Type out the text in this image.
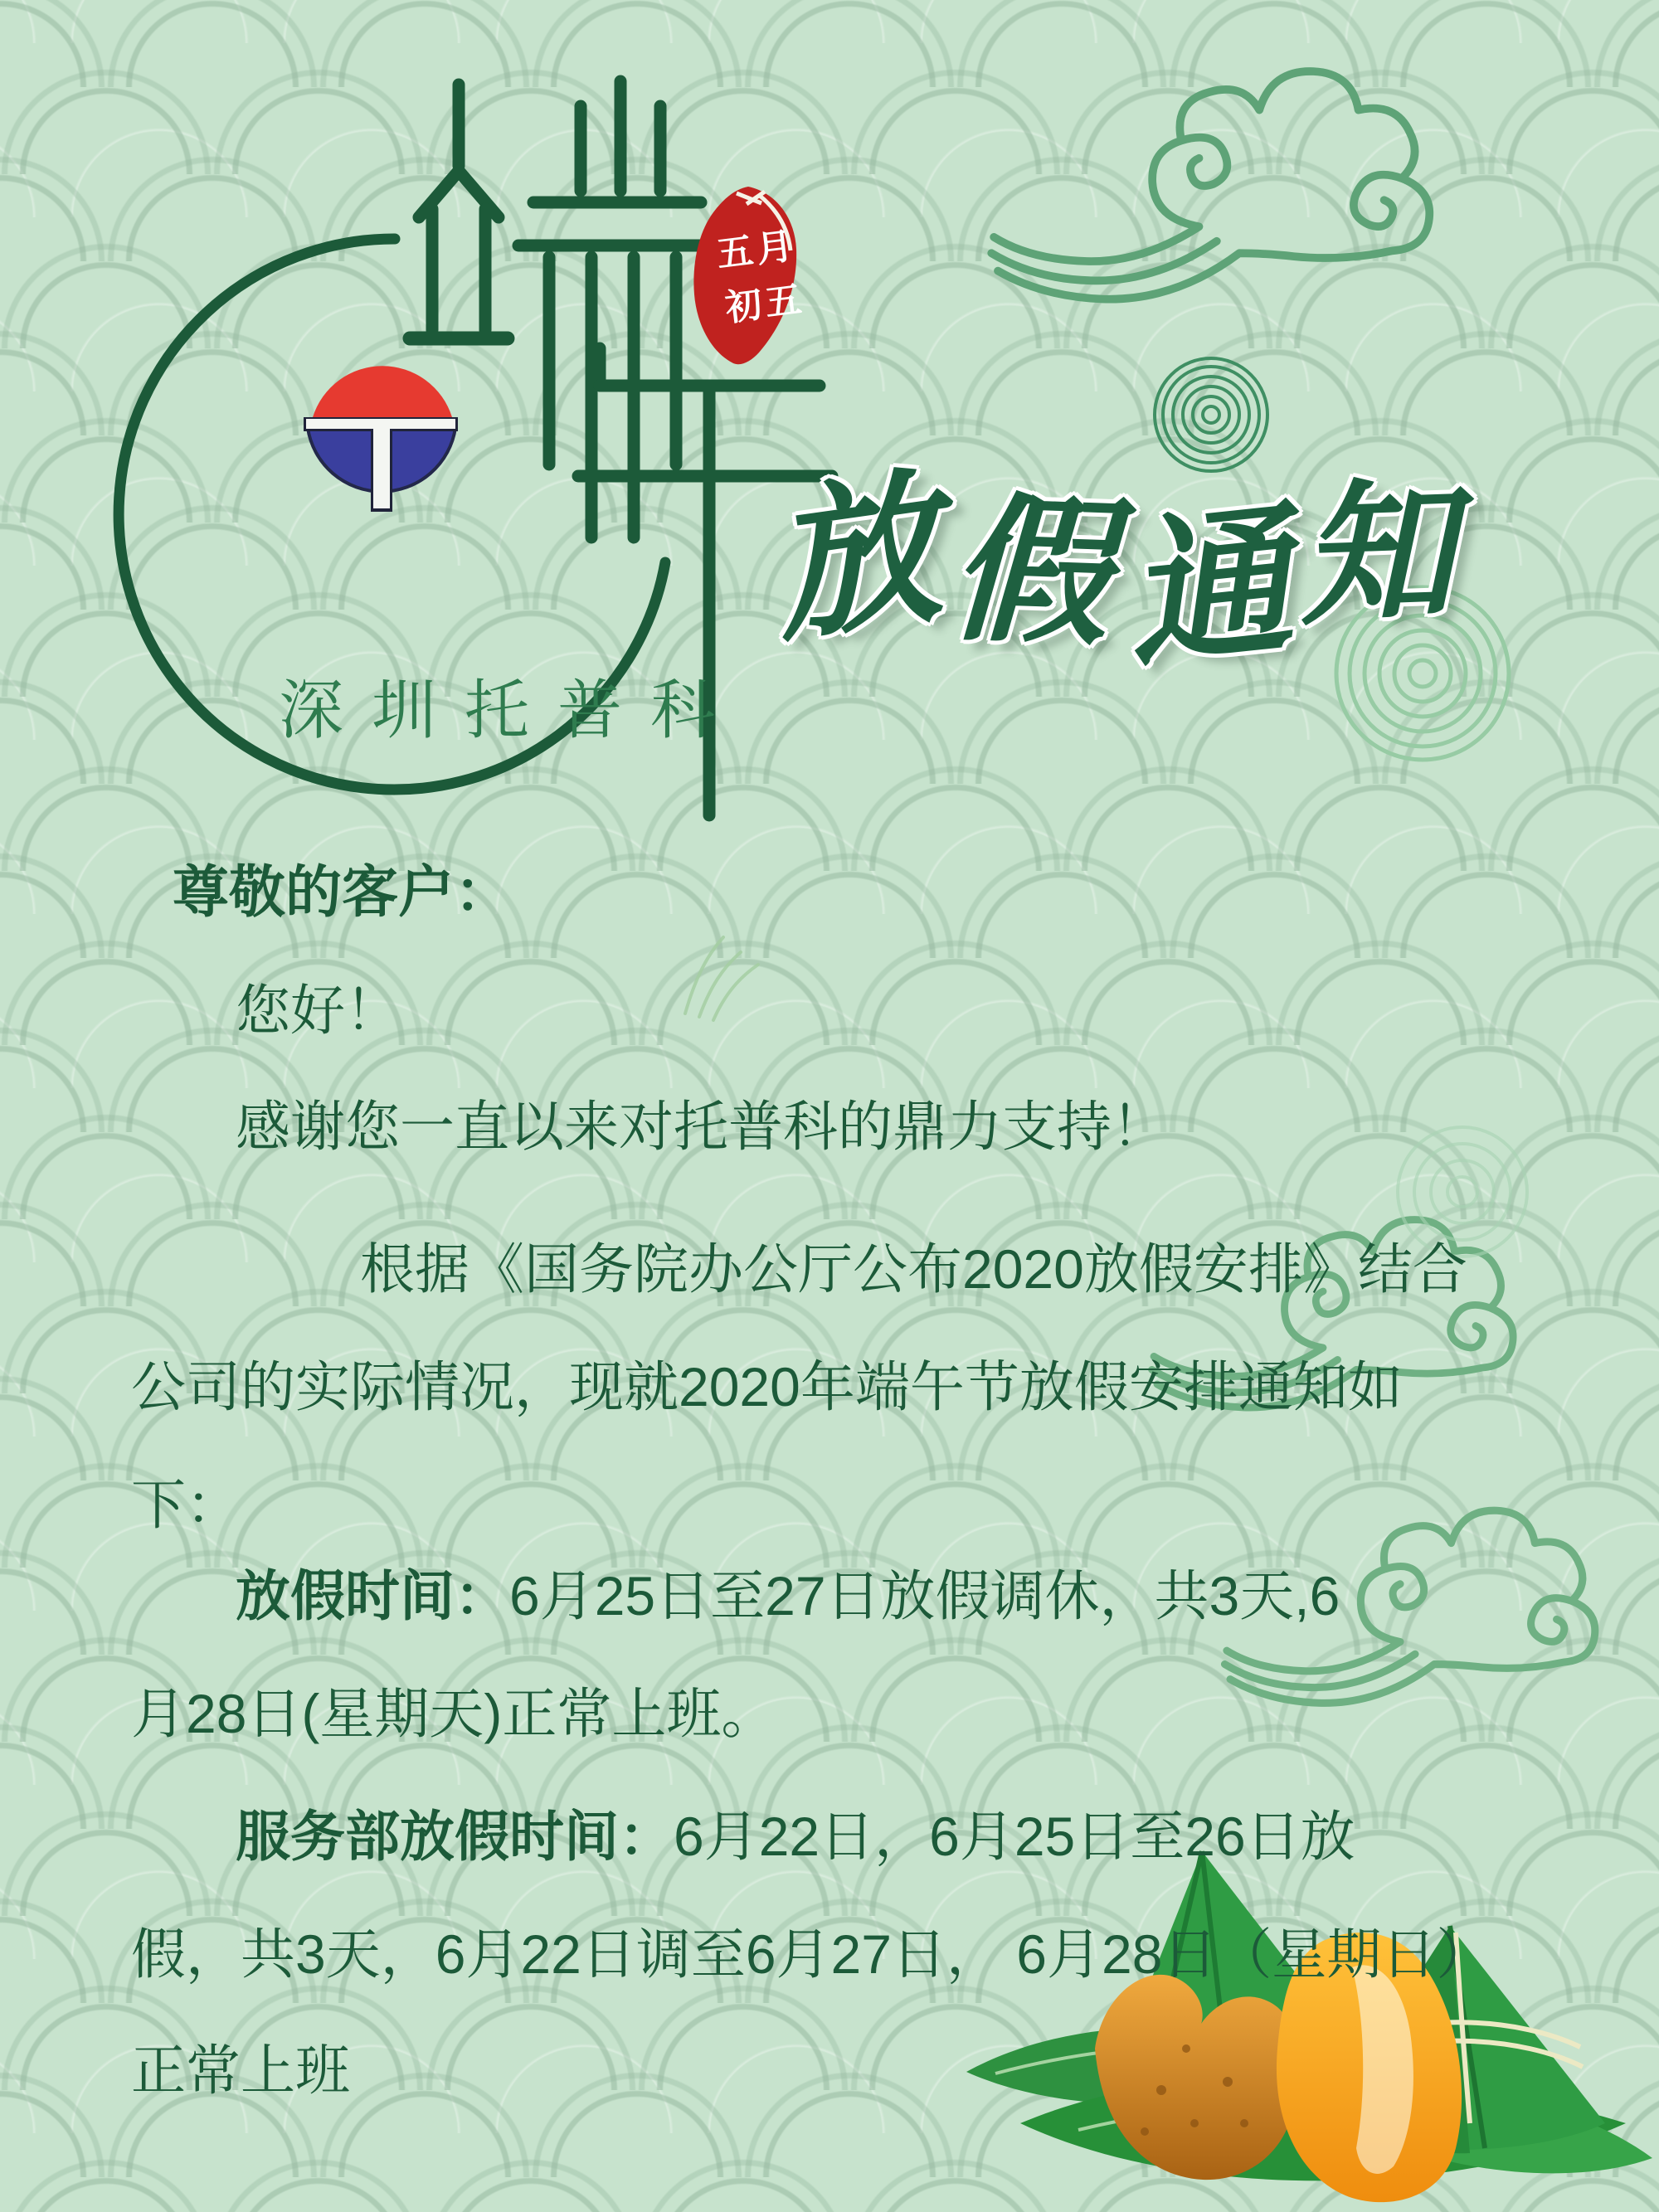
五月
初五
深圳托普科
放
假 通
知
尊敬的客户：
您好！
感谢您一直以来对托普科的鼎力支持！
根据《国务院办公厅公布2020放假安排》结合
公司的实际情况，现就2020年端午节放假安排通知如
下：
放假时间：6月25日至27日放假调休，共3天,6
月28日(星期天)正常上班。
服务部放假时间：6月22日，6月25日至26日放
假，共3天，6月22日调至6月27日， 6月28日（星期日）
正常上班
